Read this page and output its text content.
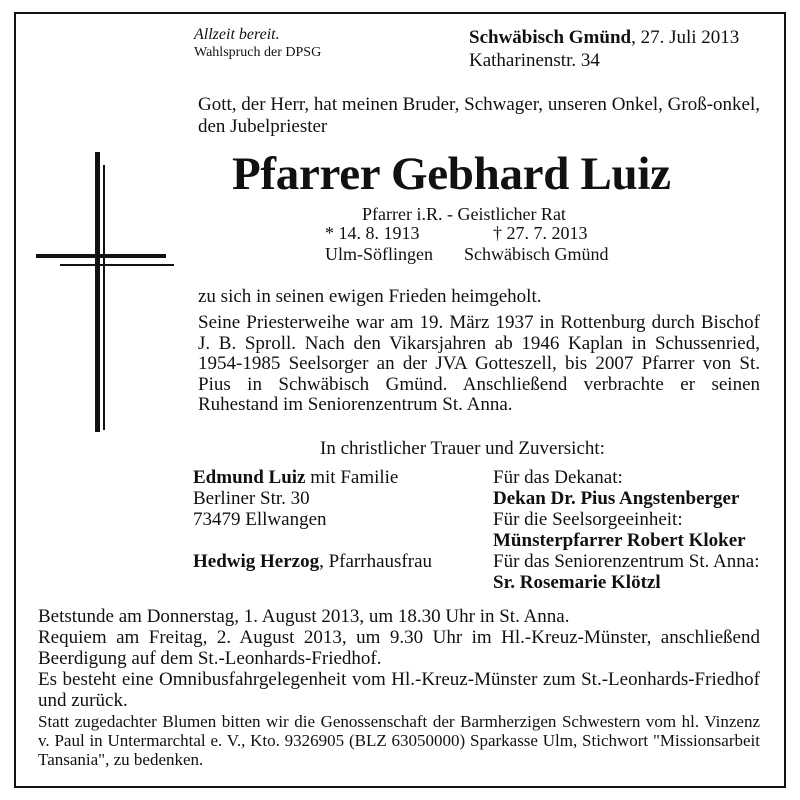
Allzeit bereit.
Wahlspruch der DPSG
Schwäbisch Gmünd, 27. Juli 2013
Katharinenstr. 34
Gott, der Herr, hat meinen Bruder, Schwager, unseren Onkel, Groß-onkel, den Jubelpriester
Pfarrer Gebhard Luiz
Pfarrer i.R. - Geistlicher Rat
* 14. 8. 1913	† 27. 7. 2013
Ulm-Söflingen Schwäbisch Gmünd
zu sich in seinen ewigen Frieden heimgeholt.
Seine Priesterweihe war am 19. März 1937 in Rottenburg durch Bischof J. B. Sproll. Nach den Vikarsjahren ab 1946 Kaplan in Schussenried, 1954-1985 Seelsorger an der JVA Gotteszell, bis 2007 Pfarrer von St. Pius in Schwäbisch Gmünd. Anschließend verbrachte er seinen Ruhestand im Seniorenzentrum St. Anna.
In christlicher Trauer und Zuversicht:
Edmund Luiz mit Familie
Berliner Str. 30
73479 Ellwangen
Hedwig Herzog, Pfarrhausfrau
Für das Dekanat:
Dekan Dr. Pius Angstenberger
Für die Seelsorgeeinheit:
Münsterpfarrer Robert Kloker
Für das Seniorenzentrum St. Anna:
Sr. Rosemarie Klötzl

Betstunde am Donnerstag, 1. August 2013, um 18.30 Uhr in St. Anna.

Requiem am Freitag, 2. August 2013, um 9.30 Uhr im Hl.-Kreuz-Münster, anschließend Beerdigung auf dem St.-Leonhards-Friedhof.

Es besteht eine Omnibusfahrgelegenheit vom Hl.-Kreuz-Münster zum St.-Leonhards-Friedhof und zurück.

Statt zugedachter Blumen bitten wir die Genossenschaft der Barmherzigen Schwestern vom hl. Vinzenz v. Paul in Untermarchtal e. V., Kto. 9326905 (BLZ 63050000) Sparkasse Ulm, Stichwort "Missionsarbeit Tansania", zu bedenken.
